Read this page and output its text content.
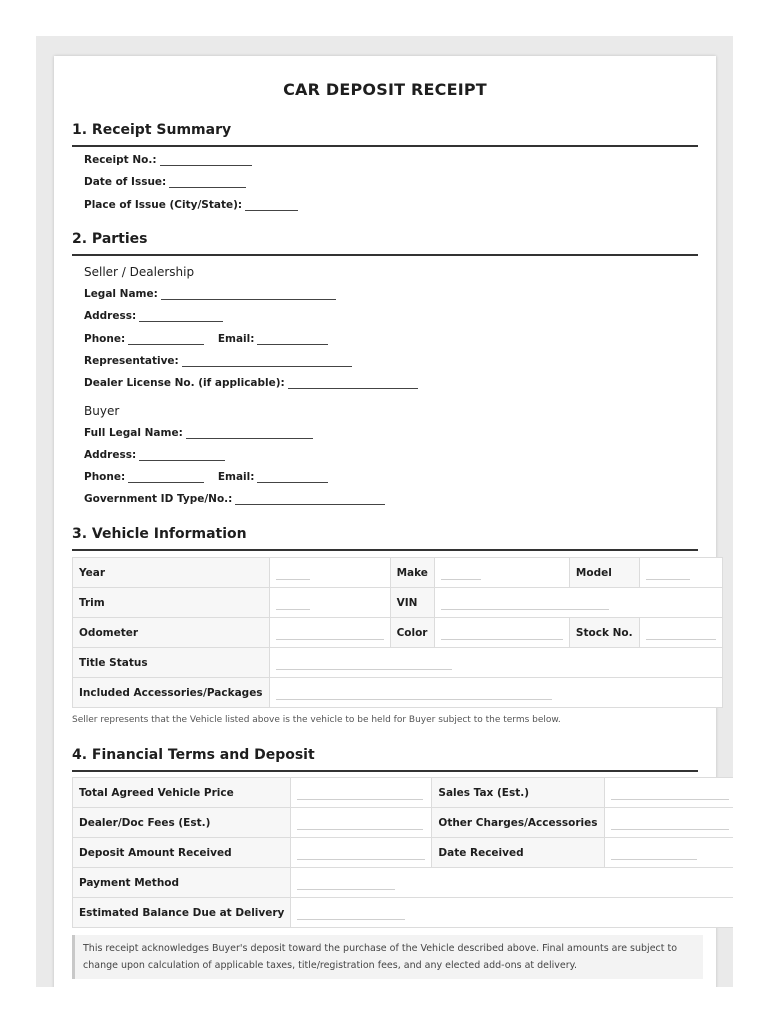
CAR DEPOSIT RECEIPT
1. Receipt Summary
Receipt No.:
Date of Issue:
Place of Issue (City/State):
2. Parties
Seller / Dealership
Legal Name:
Address:
Phone:	Email:
Representative:
Dealer License No. (if applicable):
Buyer
Full Legal Name:
Address:
Phone:	Email:
Government ID Type/No.:
3. Vehicle Information
Year		Make		Model	
Trim		VIN			
Odometer		Color		Stock No.	
Title Status					
Included Accessories/Packages					
Seller represents that the Vehicle listed above is the vehicle to be held for Buyer subject to the terms below.
4. Financial Terms and Deposit
Total Agreed Vehicle Price		Sales Tax (Est.)	
Dealer/Doc Fees (Est.)		Other Charges/Accessories	
Deposit Amount Received		Date Received	
Payment Method			
Estimated Balance Due at Delivery			
This receipt acknowledges Buyer's deposit toward the purchase of the Vehicle described above. Final amounts are subject to change upon calculation of applicable taxes, title/registration fees, and any elected add-ons at delivery.
